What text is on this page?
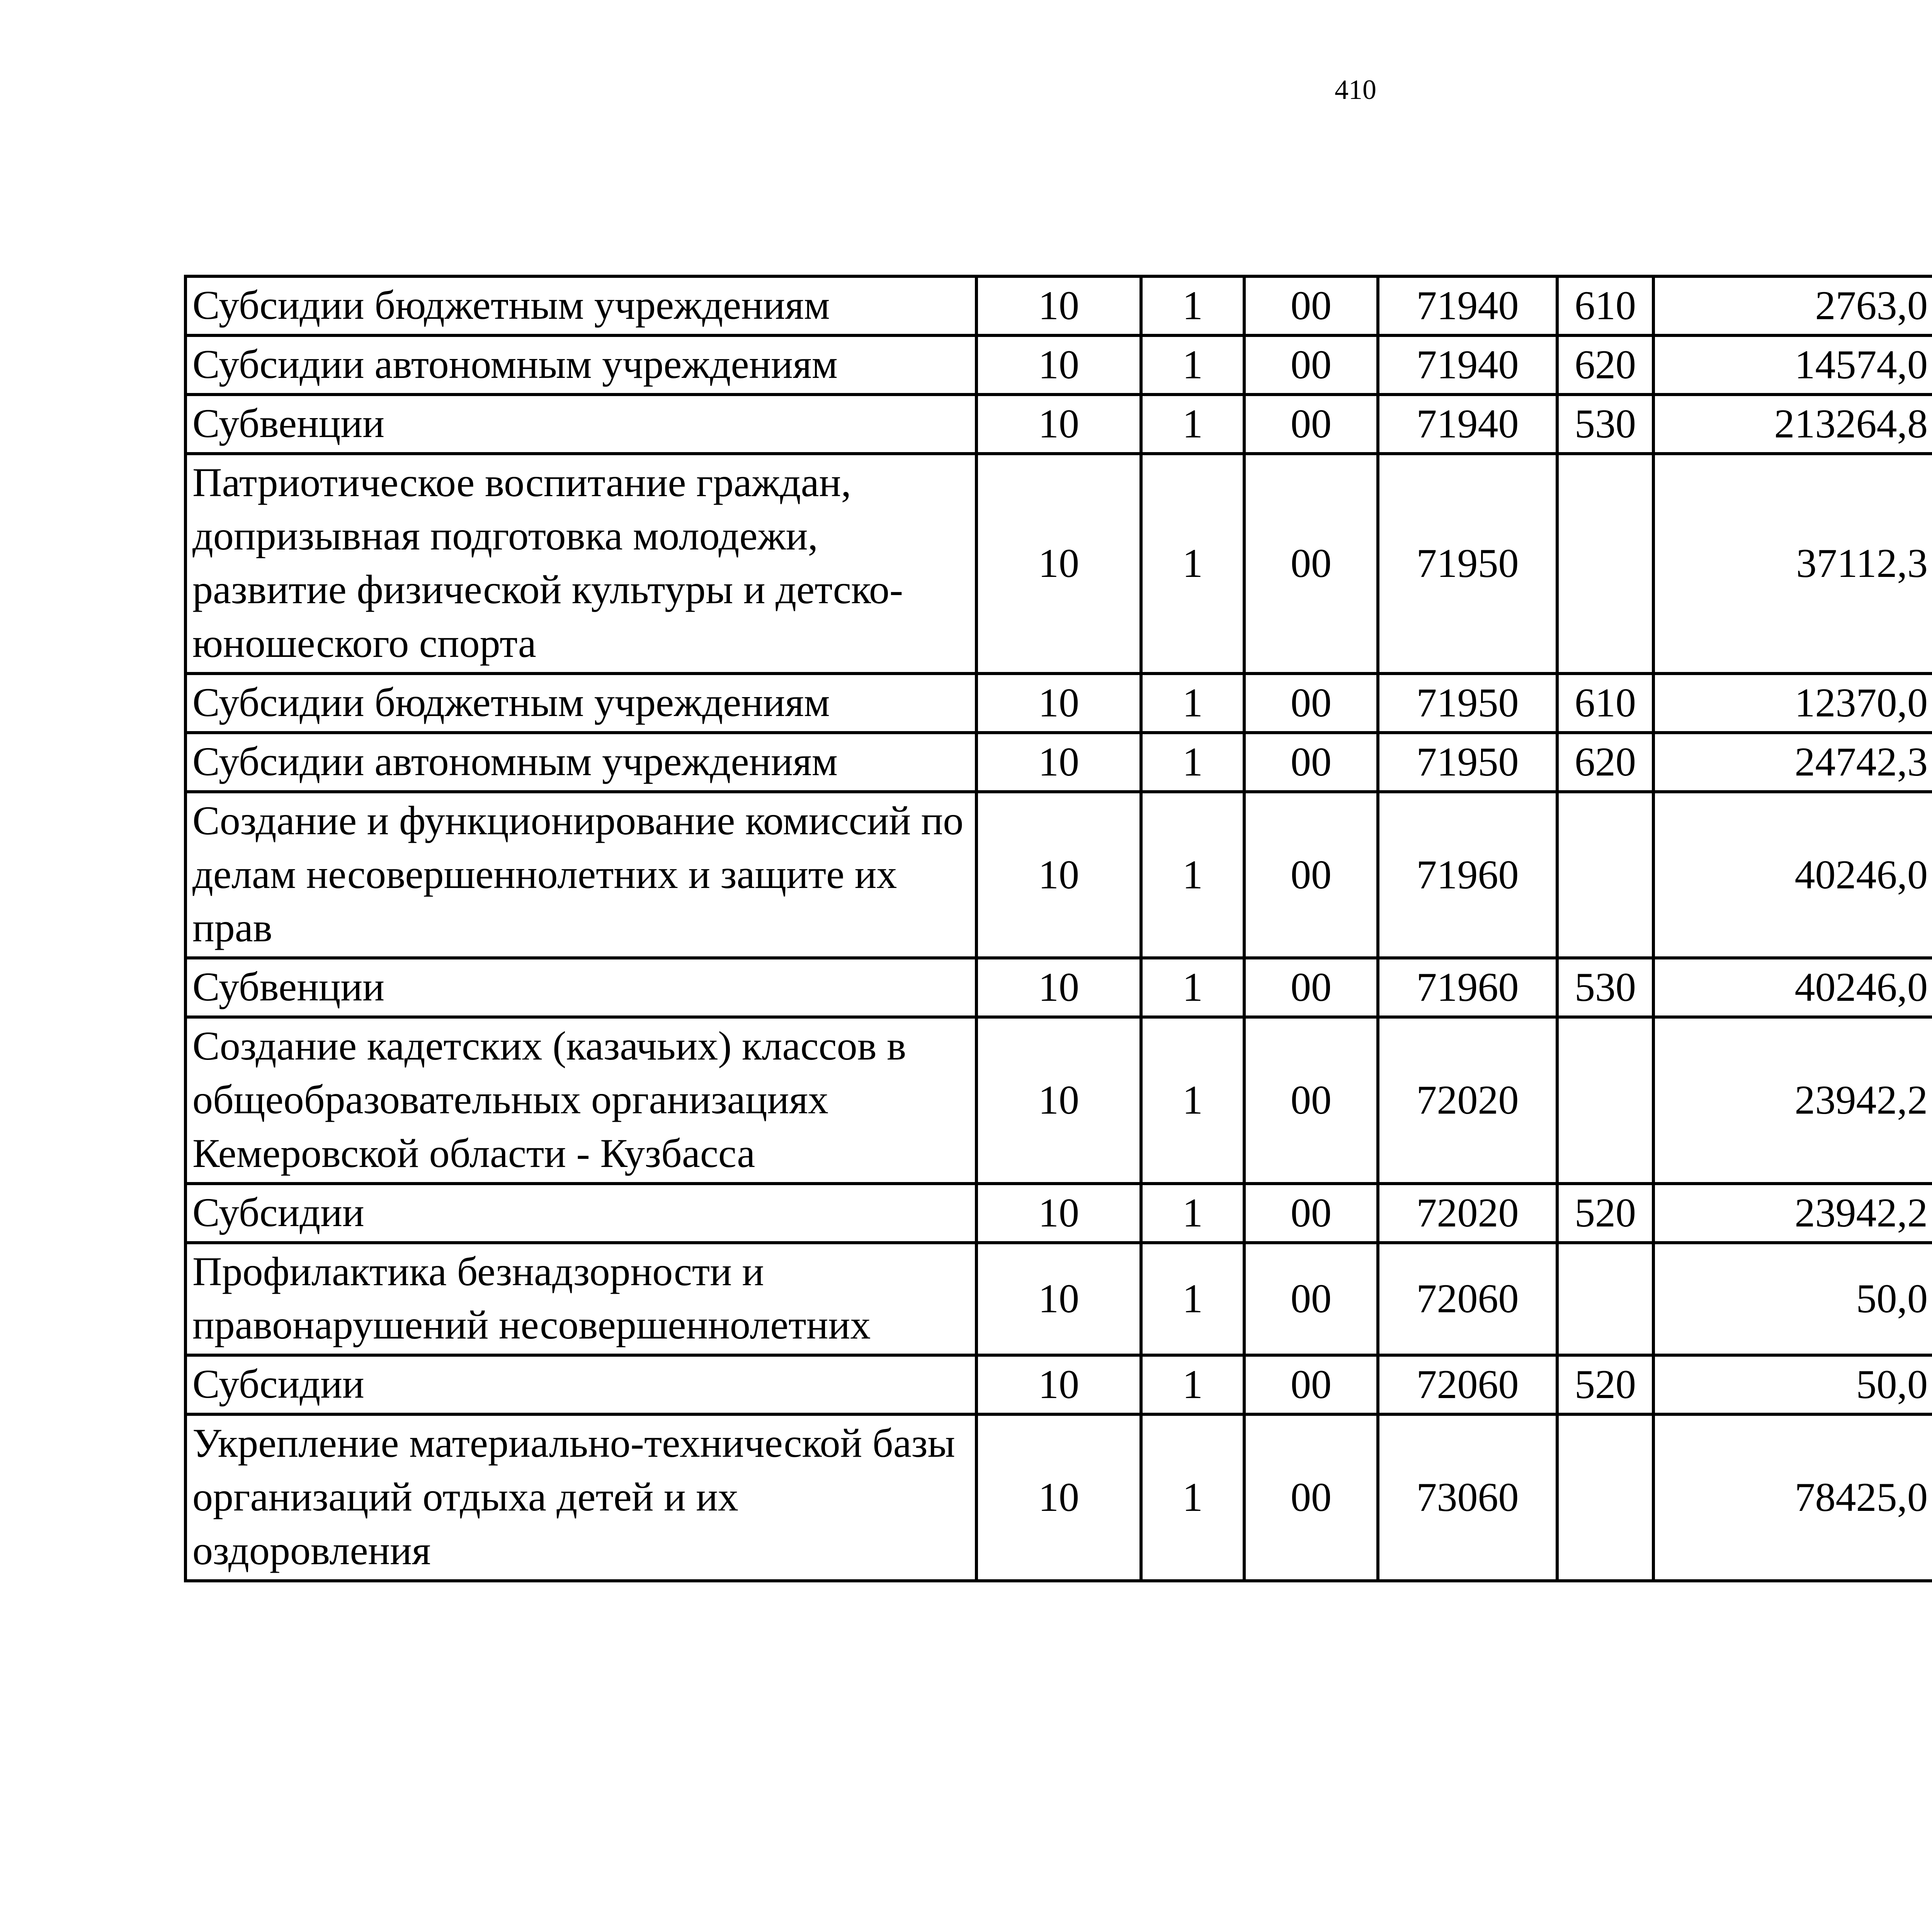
410
Субсидии бюджетным учреждениям	10	1	00	71940	610	2763,0		
Субсидии автономным учреждениям	10	1	00	71940	620	14574,0		
Субвенции	10	1	00	71940	530	213264,8		
Патриотическое воспитание граждан, допризывная подготовка молодежи, развитие физической культуры и детско-юношеского спорта	10	1	00	71950		37112,3		
Субсидии бюджетным учреждениям	10	1	00	71950	610	12370,0		
Субсидии автономным учреждениям	10	1	00	71950	620	24742,3		
Создание и функционирование комиссий по делам несовершеннолетних и защите их прав	10	1	00	71960		40246,0		
Субвенции	10	1	00	71960	530	40246,0		
Создание кадетских (казачьих) классов в общеобразовательных организациях Кемеровской области - Кузбасса	10	1	00	72020		23942,2		
Субсидии	10	1	00	72020	520	23942,2		
Профилактика безнадзорности и правонарушений несовершеннолетних	10	1	00	72060		50,0		
Субсидии	10	1	00	72060	520	50,0		
Укрепление материально-технической базы организаций отдыха детей и их оздоровления	10	1	00	73060		78425,0		
